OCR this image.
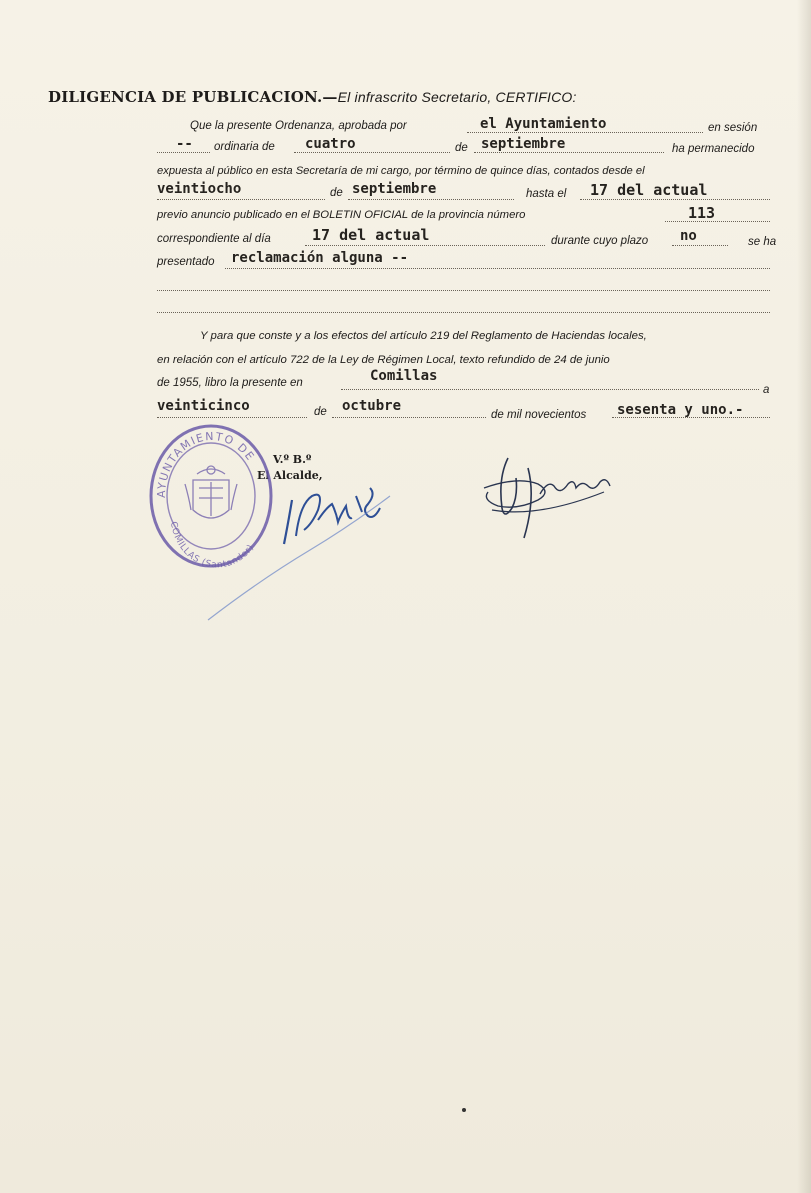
DILIGENCIA DE PUBLICACION.—El infrascrito Secretario, CERTIFICO:
Que la presente Ordenanza, aprobada por	el Ayuntamiento	en sesión
-- ordinaria de cuatro	de septiembre	ha permanecido
expuesta al público en esta Secretaría de mi cargo, por término de quince días, contados desde el
veintiocho	de septiembre	hasta el 17 del actual
previo anuncio publicado en el BOLETIN OFICIAL de la provincia número	113
correspondiente al día	17 del actual	durante cuyo plazo no	se ha
presentado reclamación alguna --
Y para que conste y a los efectos del artículo 219 del Reglamento de Haciendas locales,
en relación con el artículo 722 de la Ley de Régimen Local, texto refundido de 24 de junio
de 1955, libro la presente en	Comillas
a
veinticinco	de octubre
de mil novecientos sesenta y uno.-
V.º B.º
El Alcalde,
AYUNTAMIENTO DE
COMILLAS (Santander)
